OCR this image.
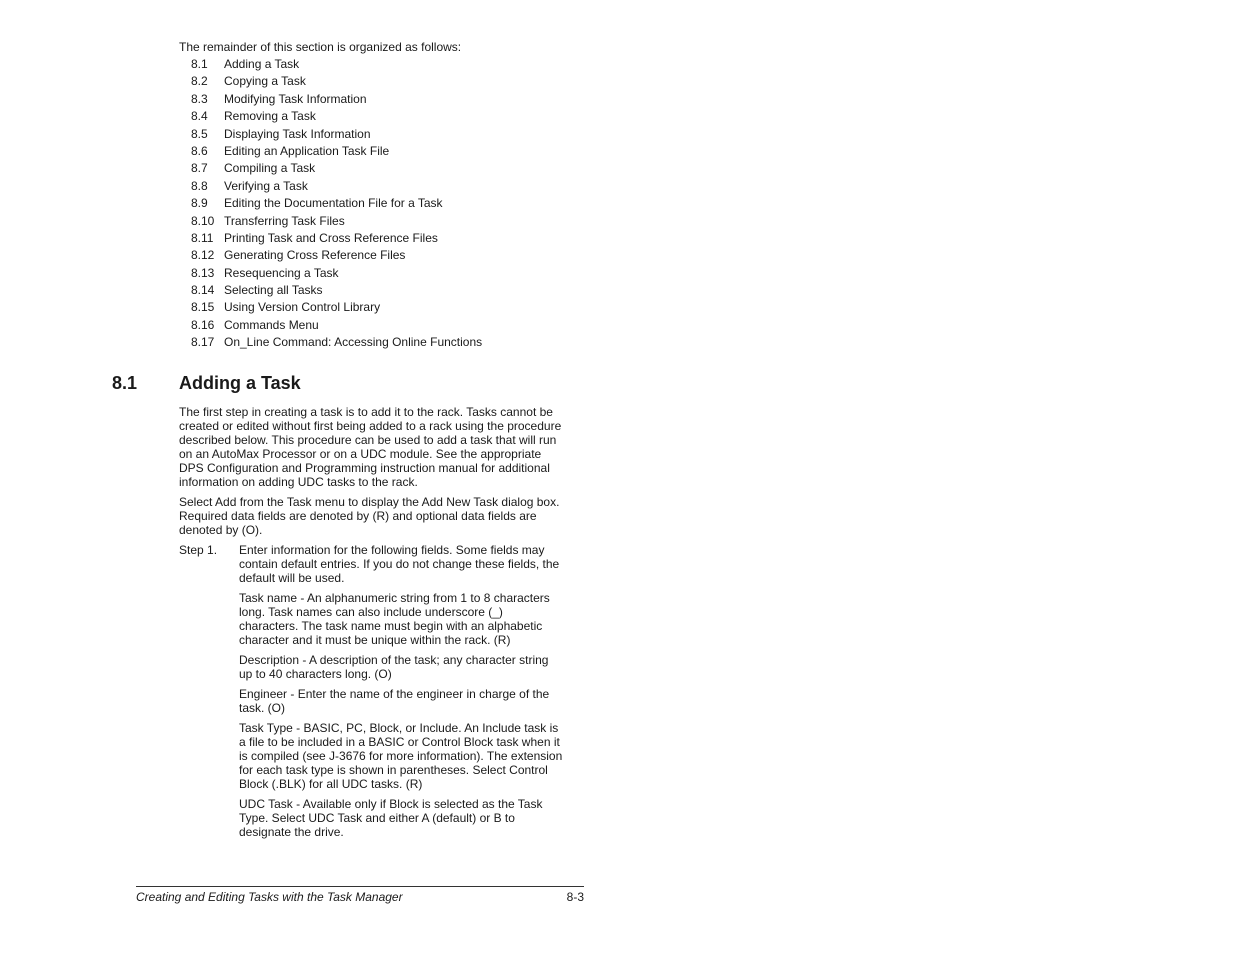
The remainder of this section is organized as follows:

8.1 Adding a Task
8.2 Copying a Task
8.3 Modifying Task Information
8.4 Removing a Task
8.5 Displaying Task Information
8.6 Editing an Application Task File
8.7 Compiling a Task
8.8 Verifying a Task
8.9 Editing the Documentation File for a Task
8.10 Transferring Task Files
8.11 Printing Task and Cross Reference Files
8.12 Generating Cross Reference Files
8.13 Resequencing a Task
8.14 Selecting all Tasks
8.15 Using Version Control Library
8.16 Commands Menu
8.17 On_Line Command: Accessing Online Functions
8.1 Adding a Task

The first step in creating a task is to add it to the rack. Tasks cannot be created or edited without first being added to a rack using the procedure described below. This procedure can be used to add a task that will run on an AutoMax Processor or on a UDC module. See the appropriate DPS Configuration and Programming instruction manual for additional information on adding UDC tasks to the rack.

Select Add from the Task menu to display the Add New Task dialog box. Required data fields are denoted by (R) and optional data fields are denoted by (O).

Step 1.	Enter information for the following fields. Some fields may contain default entries. If you do not change these fields, the default will be used.

Task name - An alphanumeric string from 1 to 8 characters long. Task names can also include underscore (_) characters. The task name must begin with an alphabetic character and it must be unique within the rack. (R)

Description - A description of the task; any character string up to 40 characters long. (O)

Engineer - Enter the name of the engineer in charge of the task. (O)

Task Type - BASIC, PC, Block, or Include. An Include task is a file to be included in a BASIC or Control Block task when it is compiled (see J-3676 for more information). The extension for each task type is shown in parentheses. Select Control Block (.BLK) for all UDC tasks. (R)

UDC Task - Available only if Block is selected as the Task Type. Select UDC Task and either A (default) or B to designate the drive.

Creating and Editing Tasks with the Task Manager	8-3
